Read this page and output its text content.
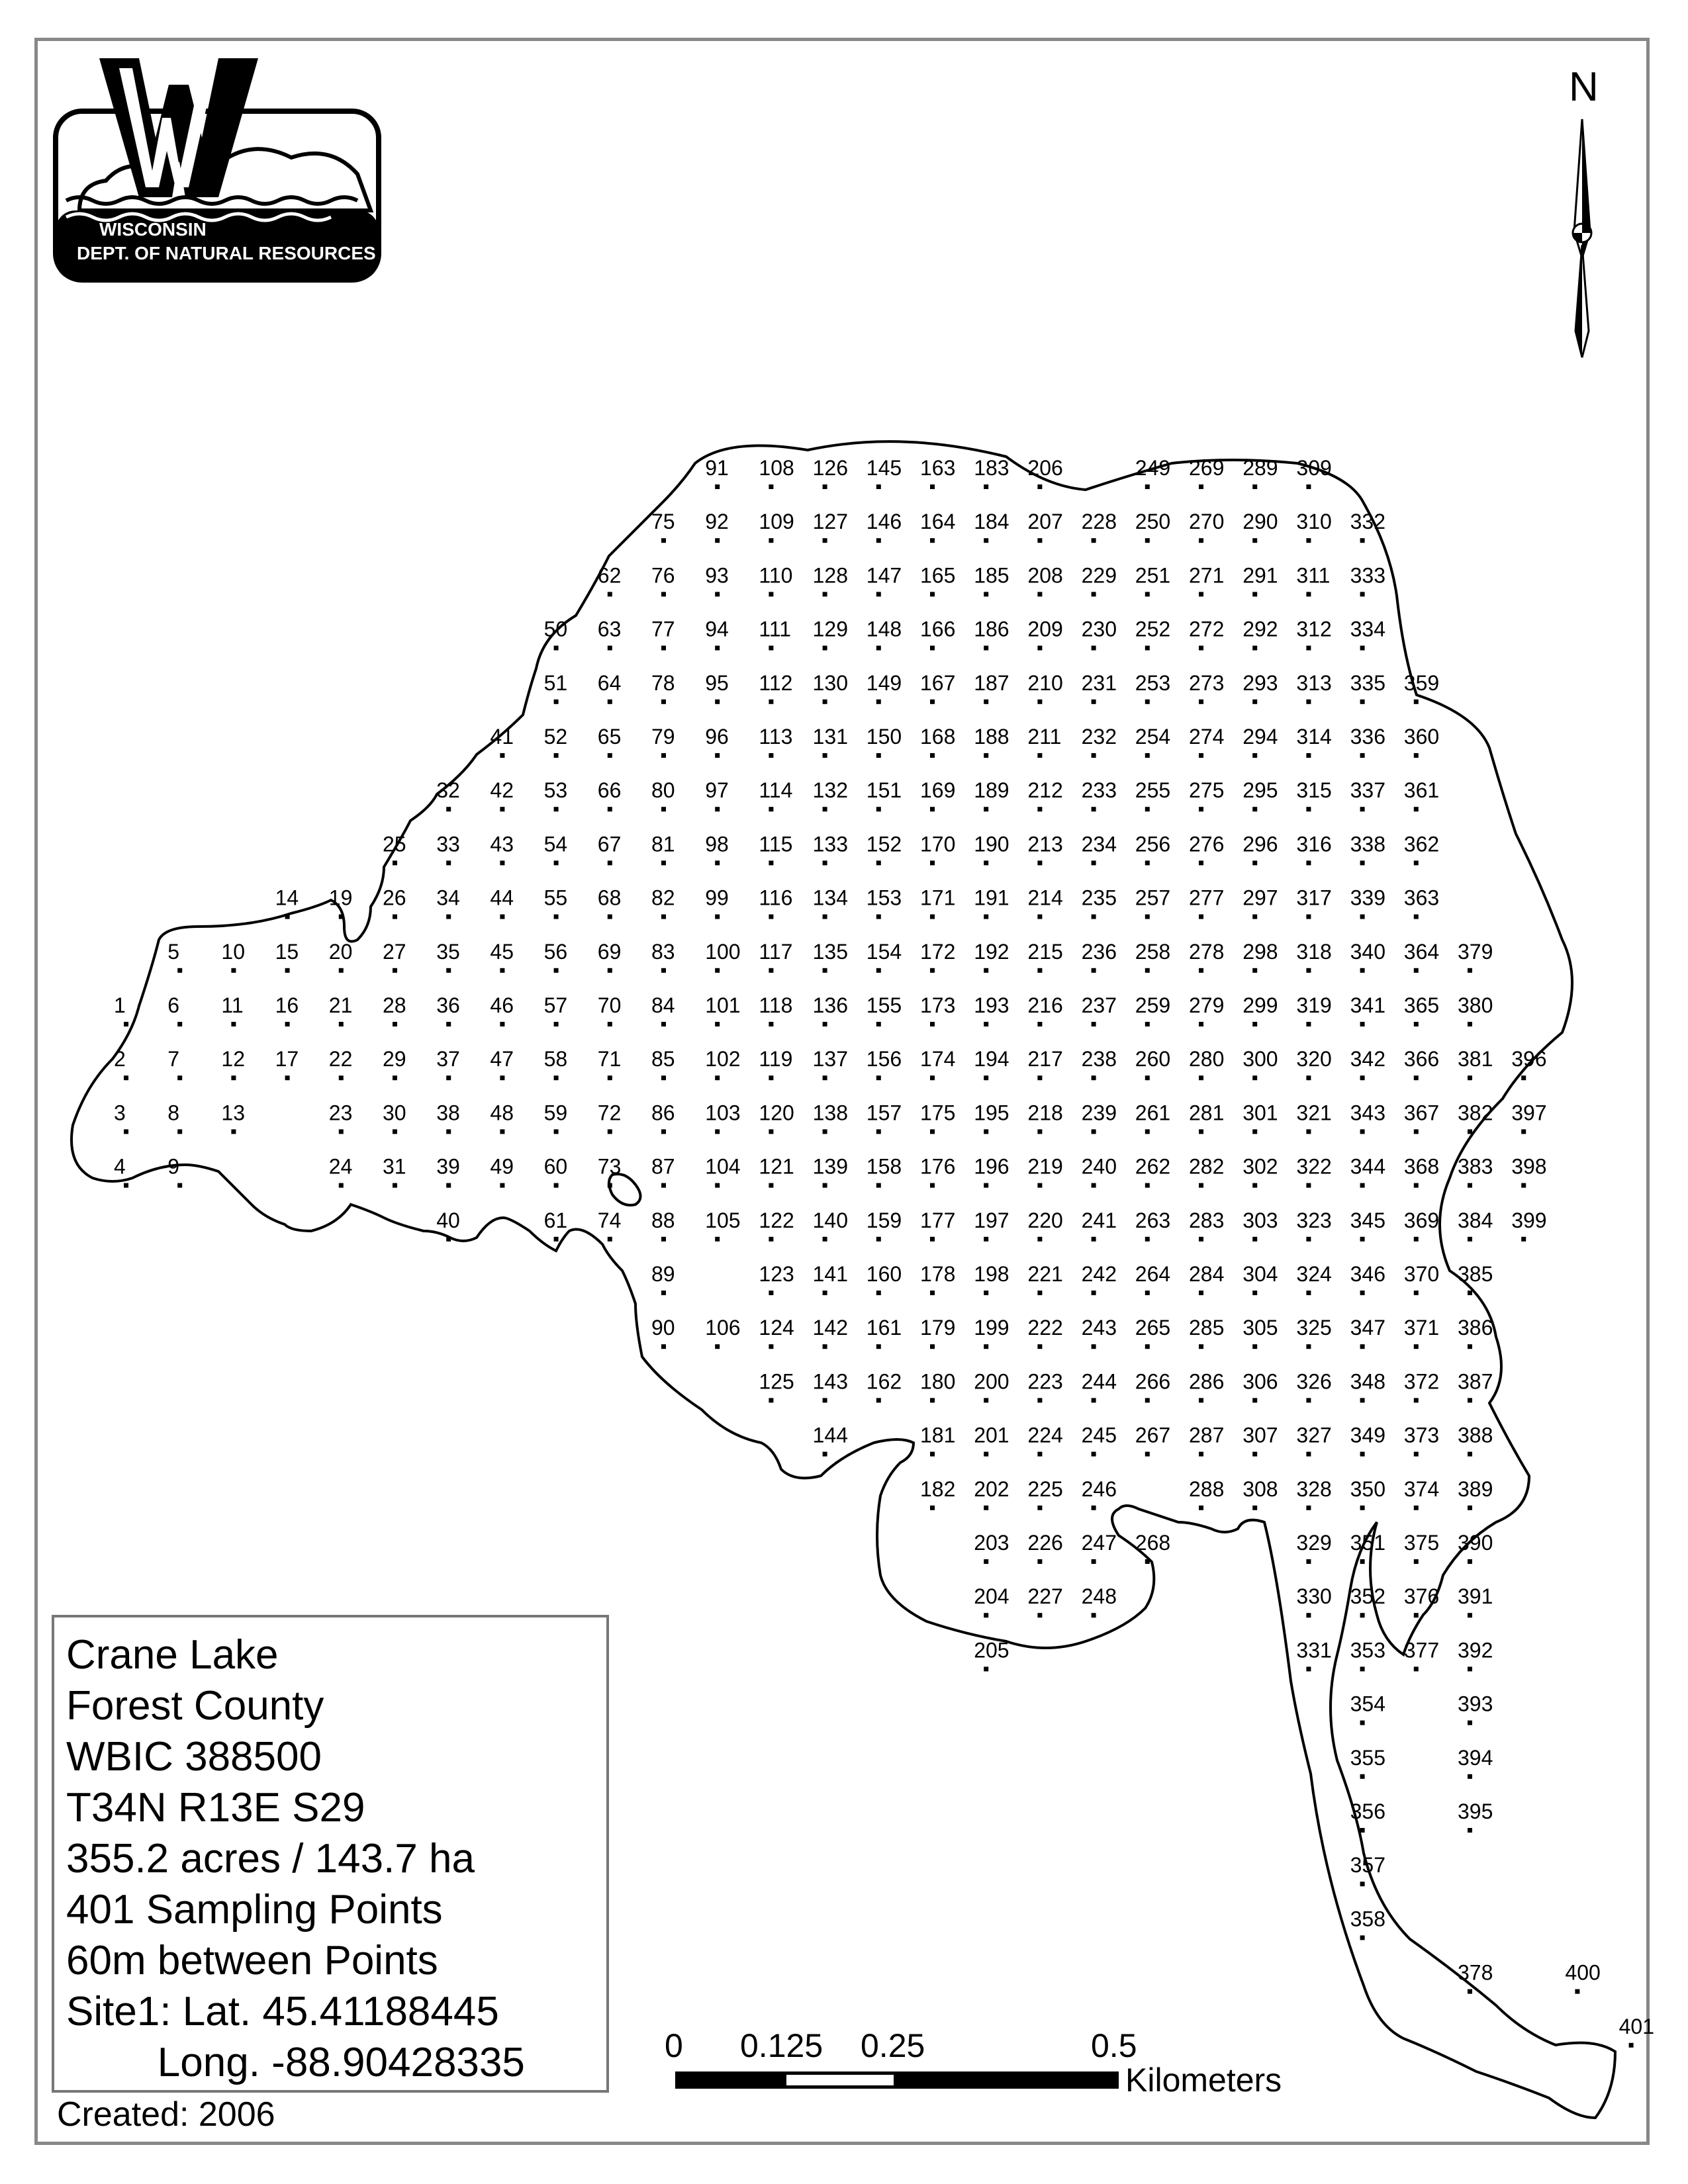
WISCONSIN
DEPT. OF NATURAL RESOURCES
N
1
2
3
4
5
6
7
8
9
10
11
12
13
14
15
16
17
19
20
21
22
23
24
25
26
27
28
29
30
31
32
33
34
35
36
37
38
39
40
41
42
43
44
45
46
47
48
49
50
51
52
53
54
55
56
57
58
59
60
61
62
63
64
65
66
67
68
69
70
71
72
73
74
75
76
77
78
79
80
81
82
83
84
85
86
87
88
89
90
91
92
93
94
95
96
97
98
99
100
101
102
103
104
105
106
108
109
110
111
112
113
114
115
116
117
118
119
120
121
122
123
124
125
126
127
128
129
130
131
132
133
134
135
136
137
138
139
140
141
142
143
144
145
146
147
148
149
150
151
152
153
154
155
156
157
158
159
160
161
162
163
164
165
166
167
168
169
170
171
172
173
174
175
176
177
178
179
180
181
182
183
184
185
186
187
188
189
190
191
192
193
194
195
196
197
198
199
200
201
202
203
204
205
206
207
208
209
210
211
212
213
214
215
216
217
218
219
220
221
222
223
224
225
226
227
228
229
230
231
232
233
234
235
236
237
238
239
240
241
242
243
244
245
246
247
248
249
250
251
252
253
254
255
256
257
258
259
260
261
262
263
264
265
266
267
268
269
270
271
272
273
274
275
276
277
278
279
280
281
282
283
284
285
286
287
288
289
290
291
292
293
294
295
296
297
298
299
300
301
302
303
304
305
306
307
308
309
310
311
312
313
314
315
316
317
318
319
320
321
322
323
324
325
326
327
328
329
330
331
332
333
334
335
336
337
338
339
340
341
342
343
344
345
346
347
348
349
350
351
352
353
354
355
356
357
358
359
360
361
362
363
364
365
366
367
368
369
370
371
372
373
374
375
376
377
378
379
380
381
382
383
384
385
386
387
388
389
390
391
392
393
394
395
396
397
398
399
400
401
Crane Lake
Forest County
WBIC 388500
T34N R13E S29
355.2 acres / 143.7 ha
401 Sampling Points
60m between Points
Site1: Lat. 45.41188445
Long. -88.90428335
Created: 2006
0 0.125 0.25	0.5
Kilometers
